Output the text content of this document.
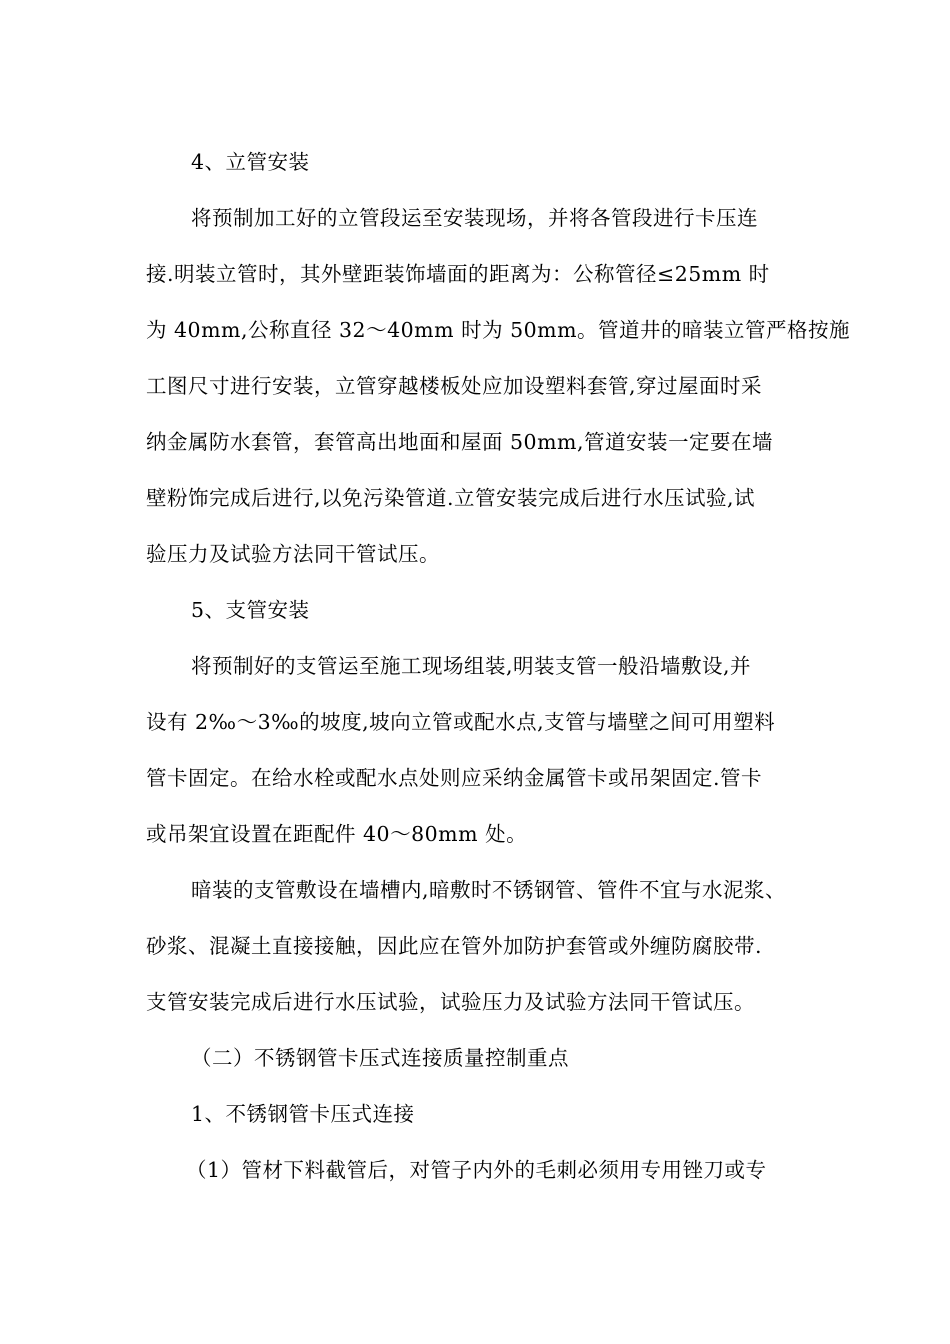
4、立管安装
将预制加工好的立管段运至安装现场，并将各管段进行卡压连
接.明装立管时，其外壁距装饰墙面的距离为：公称管径≤25mm 时
为 40mm,公称直径 32～40mm 时为 50mm。管道井的暗装立管严格按施
工图尺寸进行安装，立管穿越楼板处应加设塑料套管,穿过屋面时采
纳金属防水套管，套管高出地面和屋面 50mm,管道安装一定要在墙
壁粉饰完成后进行,以免污染管道.立管安装完成后进行水压试验,试
验压力及试验方法同干管试压。
5、支管安装
将预制好的支管运至施工现场组装,明装支管一般沿墙敷设,并
设有 2‰～3‰的坡度,坡向立管或配水点,支管与墙壁之间可用塑料
管卡固定。在给水栓或配水点处则应采纳金属管卡或吊架固定.管卡
或吊架宜设置在距配件 40～80mm 处。
暗装的支管敷设在墙槽内,暗敷时不锈钢管、管件不宜与水泥浆、
砂浆、混凝土直接接触，因此应在管外加防护套管或外缠防腐胶带.
支管安装完成后进行水压试验，试验压力及试验方法同干管试压。
（二）不锈钢管卡压式连接质量控制重点
1、不锈钢管卡压式连接
（1）管材下料截管后，对管子内外的毛刺必须用专用锉刀或专
